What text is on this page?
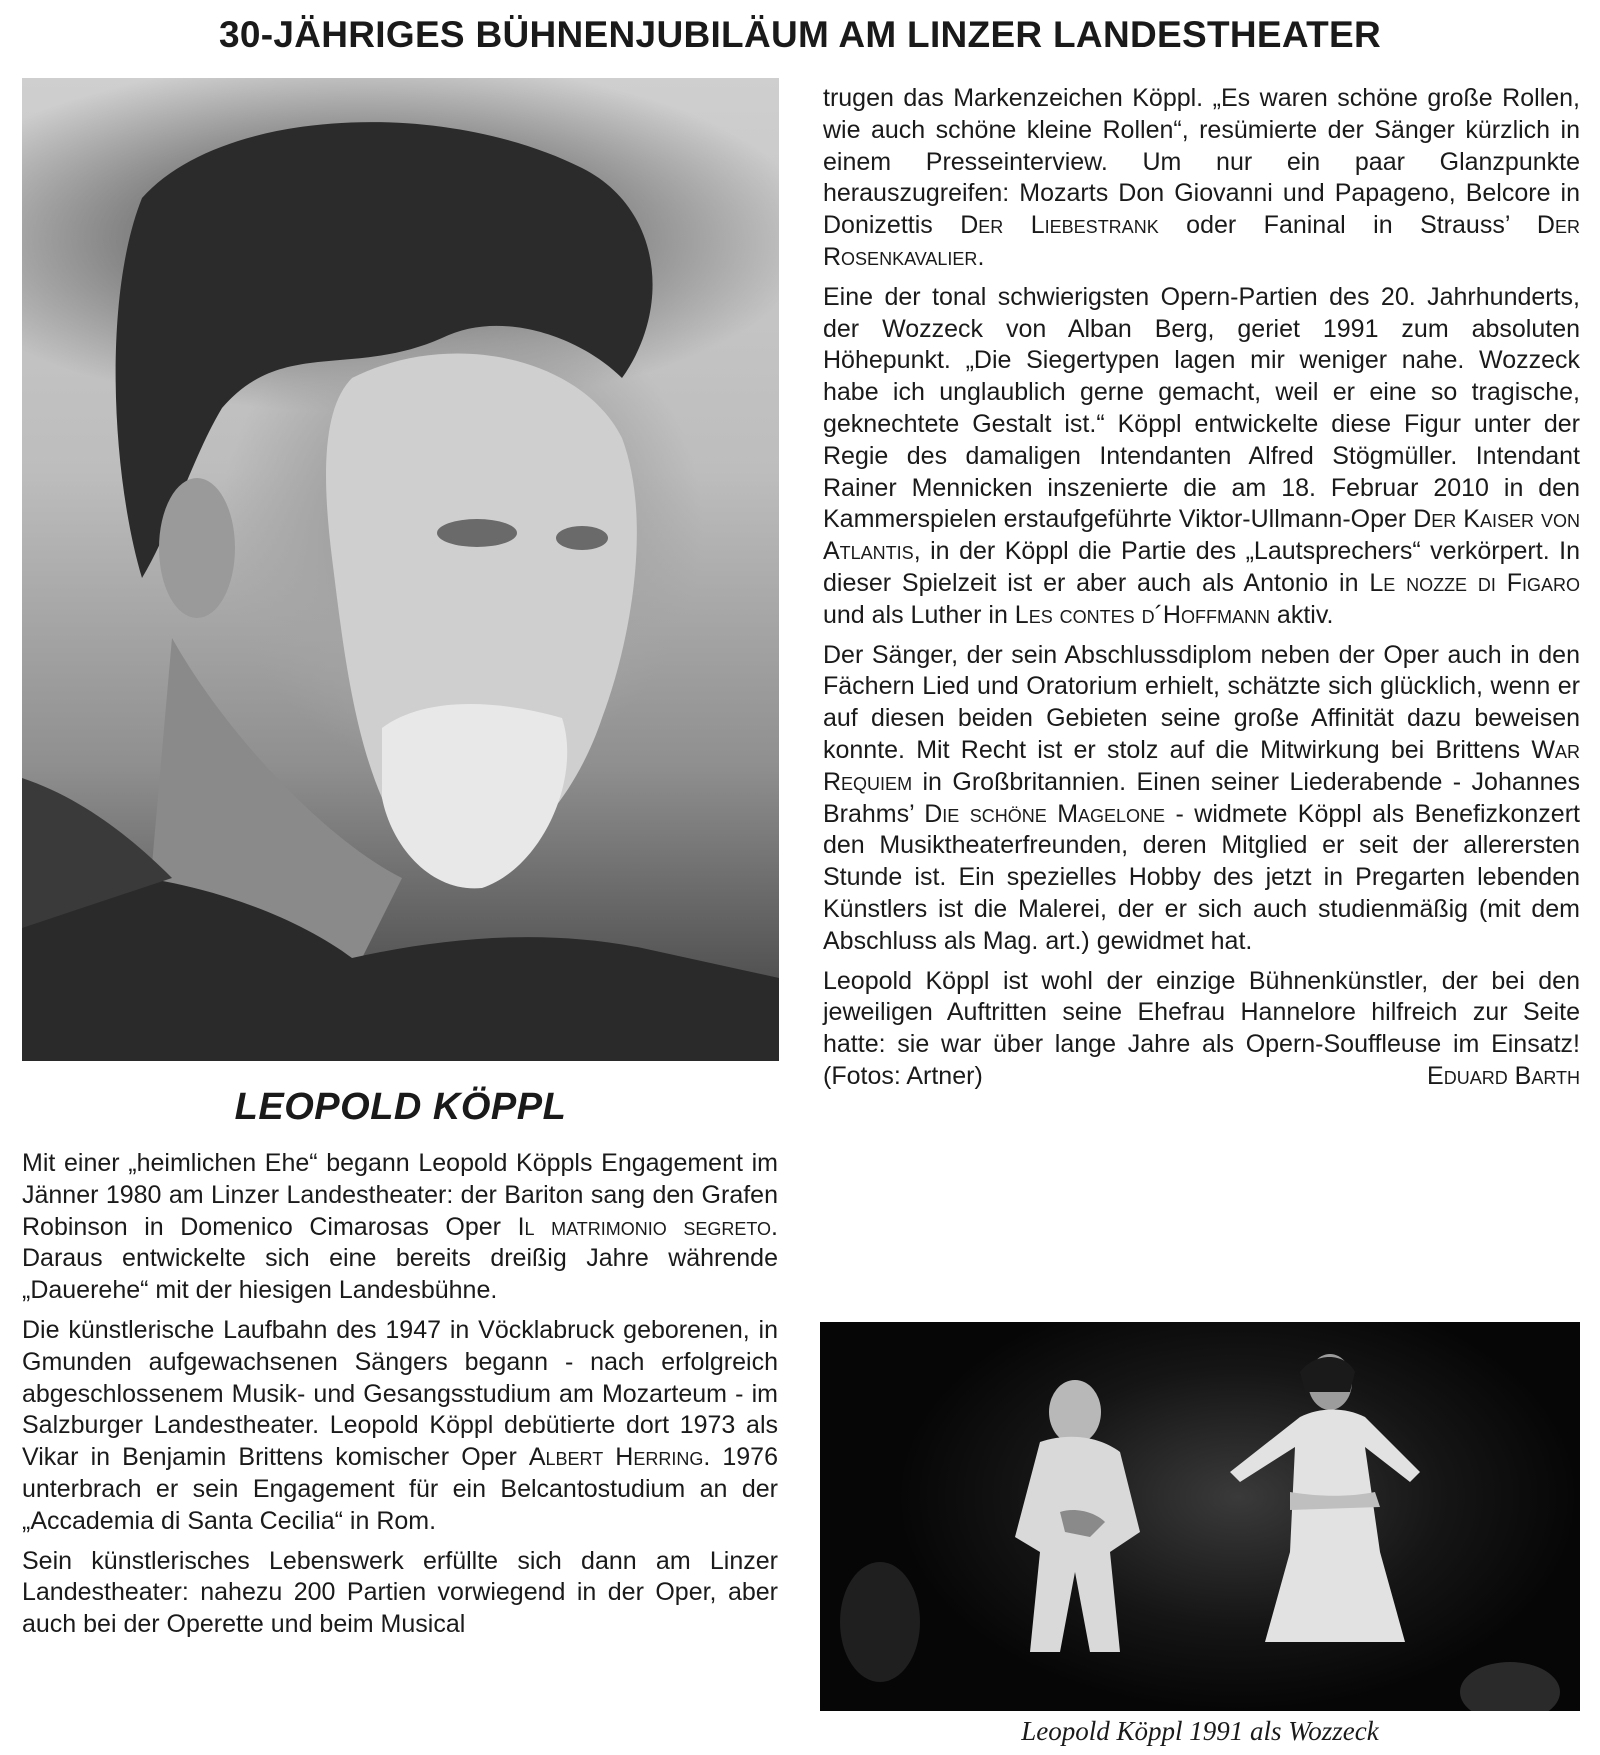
30-JÄHRIGES BÜHNENJUBILÄUM AM LINZER LANDESTHEATER
LEOPOLD KÖPPL

Mit einer „heimlichen Ehe“ begann Leopold Köppls Engagement im Jänner 1980 am Linzer Landestheater: der Bariton sang den Grafen Robinson in Domenico Cimarosas Oper Il matrimonio segreto. Daraus entwickelte sich eine bereits dreißig Jahre währende „Dauerehe“ mit der hiesigen Landesbühne.

Die künstlerische Laufbahn des 1947 in Vöcklabruck geborenen, in Gmunden aufgewachsenen Sängers begann - nach erfolgreich abgeschlossenem Musik- und Gesangsstudium am Mozarteum - im Salzburger Landestheater. Leopold Köppl debütierte dort 1973 als Vikar in Benjamin Brittens komischer Oper Albert Herring. 1976 unterbrach er sein Engagement für ein Belcantostudium an der „Accademia di Santa Cecilia“ in Rom.

Sein künstlerisches Lebenswerk erfüllte sich dann am Linzer Landestheater: nahezu 200 Partien vorwiegend in der Oper, aber auch bei der Operette und beim Musical

trugen das Markenzeichen Köppl. „Es waren schöne große Rollen, wie auch schöne kleine Rollen“, resümierte der Sänger kürzlich in einem Presseinterview. Um nur ein paar Glanzpunkte herauszugreifen: Mozarts Don Giovanni und Papageno, Belcore in Donizettis Der Liebestrank oder Faninal in Strauss’ Der Rosenkavalier.

Eine der tonal schwierigsten Opern-Partien des 20. Jahrhunderts, der Wozzeck von Alban Berg, geriet 1991 zum absoluten Höhepunkt. „Die Siegertypen lagen mir weniger nahe. Wozzeck habe ich unglaublich gerne gemacht, weil er eine so tragische, geknechtete Gestalt ist.“ Köppl entwickelte diese Figur unter der Regie des damaligen Intendanten Alfred Stögmüller. Intendant Rainer Mennicken inszenierte die am 18. Februar 2010 in den Kammerspielen erstaufgeführte Viktor-Ullmann-Oper Der Kaiser von Atlantis, in der Köppl die Partie des „Lautsprechers“ verkörpert. In dieser Spielzeit ist er aber auch als Antonio in Le nozze di Figaro und als Luther in Les contes d´Hoffmann aktiv.

Der Sänger, der sein Abschlussdiplom neben der Oper auch in den Fächern Lied und Oratorium erhielt, schätzte sich glücklich, wenn er auf diesen beiden Gebieten seine große Affinität dazu beweisen konnte. Mit Recht ist er stolz auf die Mitwirkung bei Brittens War Requiem in Großbritannien. Einen seiner Liederabende - Johannes Brahms’ Die schöne Magelone - widmete Köppl als Benefizkonzert den Musiktheaterfreunden, deren Mitglied er seit der allerersten Stunde ist. Ein spezielles Hobby des jetzt in Pregarten lebenden Künstlers ist die Malerei, der er sich auch studienmäßig (mit dem Abschluss als Mag. art.) gewidmet hat.

Leopold Köppl ist wohl der einzige Bühnenkünstler, der bei den jeweiligen Auftritten seine Ehefrau Hannelore hilfreich zur Seite hatte: sie war über lange Jahre als Opern-Souffleuse im Einsatz! (Fotos: Artner)	Eduard Barth

Leopold Köppl 1991 als Wozzeck
